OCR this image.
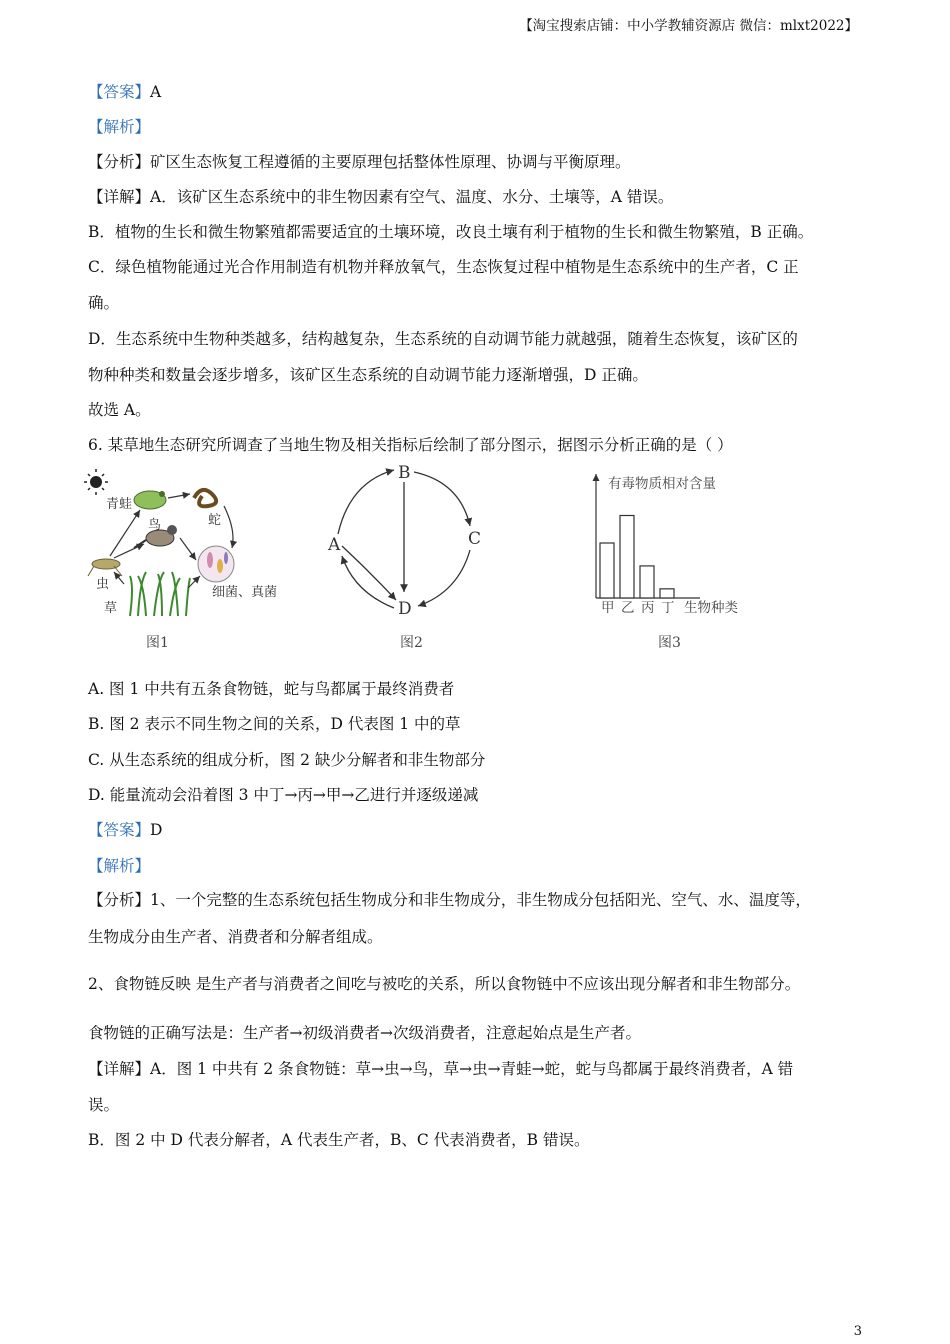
【淘宝搜索店铺：中小学教辅资源店 微信：mlxt2022】
【答案】A
【解析】
【分析】矿区生态恢复工程遵循的主要原理包括整体性原理、协调与平衡原理。
【详解】A．该矿区生态系统中的非生物因素有空气、温度、水分、土壤等，A 错误。
B．植物的生长和微生物繁殖都需要适宜的土壤环境，改良土壤有利于植物的生长和微生物繁殖，B 正确。
C．绿色植物能通过光合作用制造有机物并释放氧气，生态恢复过程中植物是生态系统中的生产者，C 正
确。
D．生态系统中生物种类越多，结构越复杂，生态系统的自动调节能力就越强，随着生态恢复，该矿区的
物种种类和数量会逐步增多，该矿区生态系统的自动调节能力逐渐增强，D 正确。
故选 A。
6. 某草地生态研究所调查了当地生物及相关指标后绘制了部分图示，据图示分析正确的是（ ）
青蛙
蛇
鸟
虫
草
细菌、真菌
图1
B
A	C
D
图2
有毒物质相对含量
生物种类
甲 乙 丙 丁
图3
A. 图 1 中共有五条食物链，蛇与鸟都属于最终消费者
B. 图 2 表示不同生物之间的关系，D 代表图 1 中的草
C. 从生态系统的组成分析，图 2 缺少分解者和非生物部分
D. 能量流动会沿着图 3 中丁→丙→甲→乙进行并逐级递减
【答案】D
【解析】
【分析】1、一个完整的生态系统包括生物成分和非生物成分，非生物成分包括阳光、空气、水、温度等，
生物成分由生产者、消费者和分解者组成。
2、食物链反映 是生产者与消费者之间吃与被吃的关系，所以食物链中不应该出现分解者和非生物部分。
食物链的正确写法是：生产者→初级消费者→次级消费者，注意起始点是生产者。
【详解】A．图 1 中共有 2 条食物链：草→虫→鸟，草→虫→青蛙→蛇，蛇与鸟都属于最终消费者，A 错
误。
B．图 2 中 D 代表分解者，A 代表生产者，B、C 代表消费者，B 错误。
3
